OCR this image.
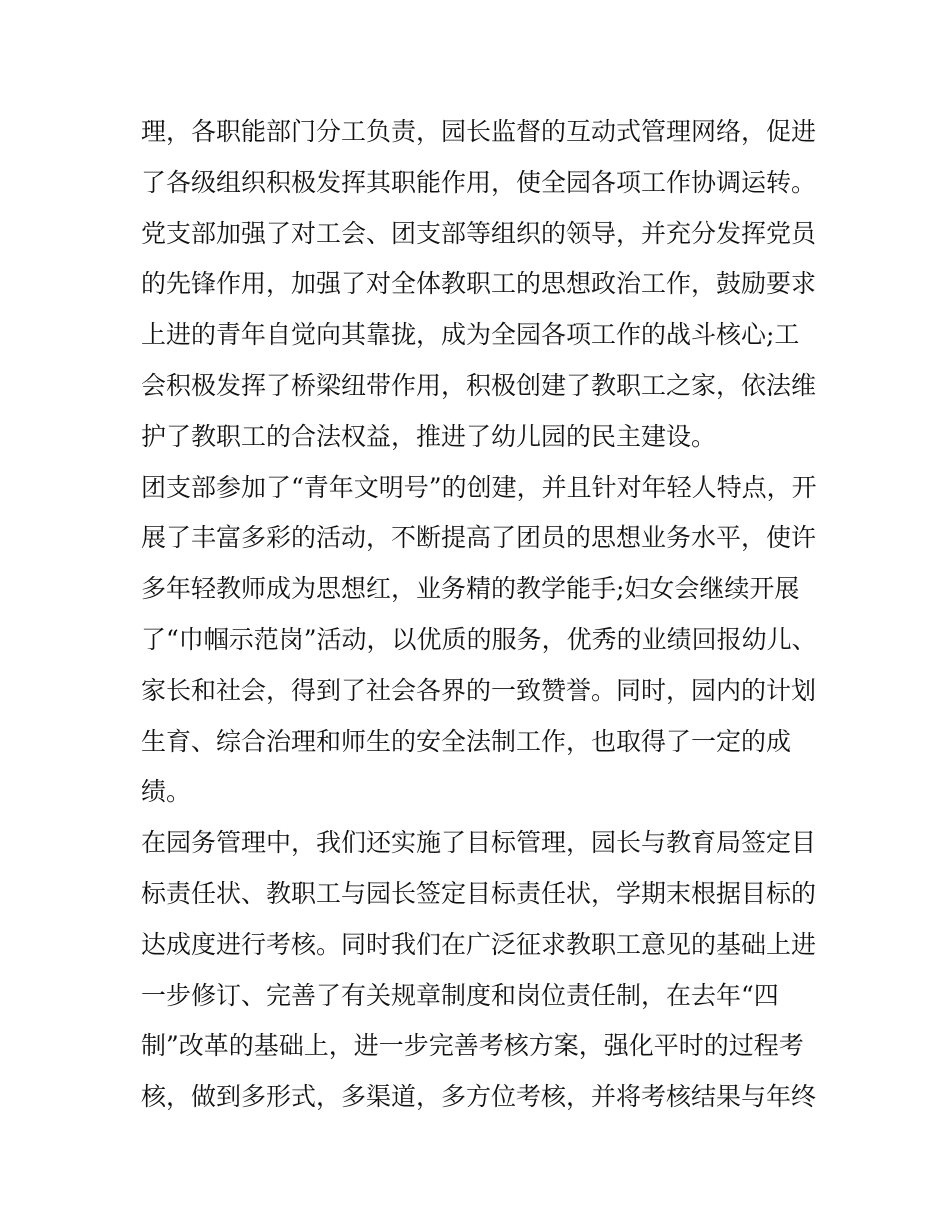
理，各职能部门分工负责，园长监督的互动式管理网络，促进
了各级组织积极发挥其职能作用，使全园各项工作协调运转。
党支部加强了对工会、团支部等组织的领导，并充分发挥党员
的先锋作用，加强了对全体教职工的思想政治工作，鼓励要求
上进的青年自觉向其靠拢，成为全园各项工作的战斗核心;工
会积极发挥了桥梁纽带作用，积极创建了教职工之家，依法维
护了教职工的合法权益，推进了幼儿园的民主建设。
团支部参加了“青年文明号”的创建，并且针对年轻人特点，开
展了丰富多彩的活动，不断提高了团员的思想业务水平，使许
多年轻教师成为思想红，业务精的教学能手;妇女会继续开展
了“巾帼示范岗”活动，以优质的服务，优秀的业绩回报幼儿、
家长和社会，得到了社会各界的一致赞誉。同时，园内的计划
生育、综合治理和师生的安全法制工作，也取得了一定的成
绩。
在园务管理中，我们还实施了目标管理，园长与教育局签定目
标责任状、教职工与园长签定目标责任状，学期末根据目标的
达成度进行考核。同时我们在广泛征求教职工意见的基础上进
一步修订、完善了有关规章制度和岗位责任制，在去年“四
制”改革的基础上，进一步完善考核方案，强化平时的过程考
核，做到多形式，多渠道，多方位考核，并将考核结果与年终
